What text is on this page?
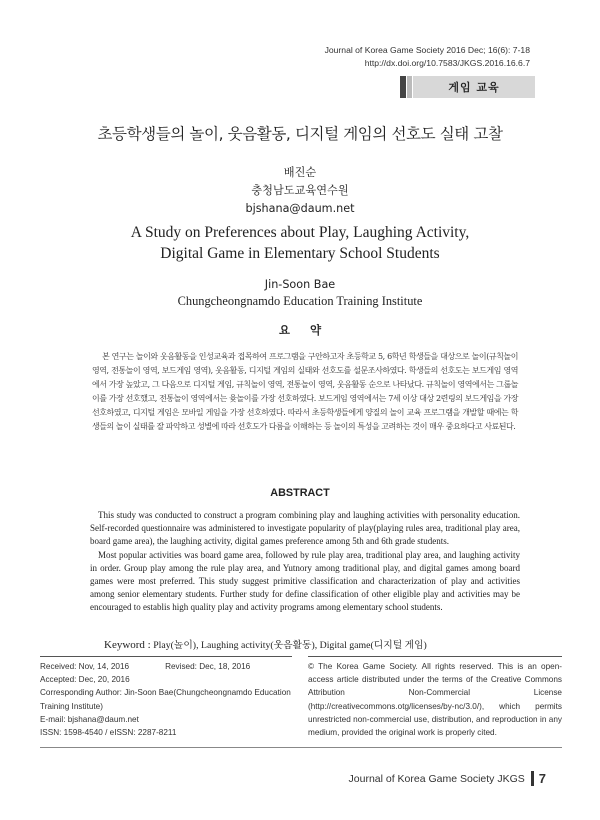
Journal of Korea Game Society 2016 Dec; 16(6): 7-18
http://dx.doi.org/10.7583/JKGS.2016.16.6.7
게임 교육
초등학생들의 놀이, 웃음활동, 디지털 게임의 선호도 실태 고찰
배진순
충청남도교육연수원
bjshana@daum.net
A Study on Preferences about Play, Laughing Activity,
Digital Game in Elementary School Students
Jin-Soon Bae
Chungcheongnamdo Education Training Institute
요 약

본 연구는 놀이와 웃음활동을 인성교육과 접목하여 프로그램을 구안하고자 초등학교 5, 6학년 학생들을 대상으로 놀이(규칙놀이 영역, 전통놀이 영역, 보드게임 영역), 웃음활동, 디지털 게임의 실태와 선호도를 설문조사하였다. 학생들의 선호도는 보드게임 영역에서 가장 높았고, 그 다음으로 디지털 게임, 규칙놀이 영역, 전통놀이 영역, 웃음활동 순으로 나타났다. 규칙놀이 영역에서는 그룹놀이를 가장 선호했고, 전통놀이 영역에서는 윷놀이를 가장 선호하였다. 보드게임 영역에서는 7세 이상 대상 2련링의 보드게임을 가장 선호하였고, 디지털 게임은 모바일 게임을 가장 선호하였다. 따라서 초등학생들에게 양질의 놀이 교육 프로그램을 개발할 때에는 학생들의 놀이 실태를 잘 파악하고 성별에 따라 선호도가 다름을 이해하는 등 놀이의 특성을 고려하는 것이 매우 중요하다고 사료된다.

ABSTRACT

This study was conducted to construct a program combining play and laughing activities with personality education. Self-recorded questionnaire was administered to investigate popularity of play(playing rules area, traditional play area, board game area), the laughing activity, digital games preference among 5th and 6th grade students.

Most popular activities was board game area, followed by rule play area, traditional play area, and laughing activity in order. Group play among the rule play area, and Yutnory among traditional play, and digital games among board games were most preferred. This study suggest primitive classification and characterization of play and activities among senior elementary students. Further study for define classification of other eligible play and activities may be encouraged to establis high quality play and activity programs among elementary school students.

Keyword : Play(놀이), Laughing activity(웃음활동), Digital game(디지털 게임)
Received: Nov, 14, 2016	Revised: Dec, 18, 2016
Accepted: Dec, 20, 2016
Corresponding Author: Jin-Soon Bae(Chungcheongnamdo Education Training Institute)
E-mail: bjshana@daum.net
ISSN: 1598-4540 / eISSN: 2287-8211
© The Korea Game Society. All rights reserved. This is an open-access article distributed under the terms of the Creative Commons Attribution Non-Commercial License (http://creativecommons.otg/licenses/by-nc/3.0/), which permits unrestricted non-commercial use, distribution, and reproduction in any medium, provided the original work is properly cited.
Journal of Korea Game Society JKGS 7
